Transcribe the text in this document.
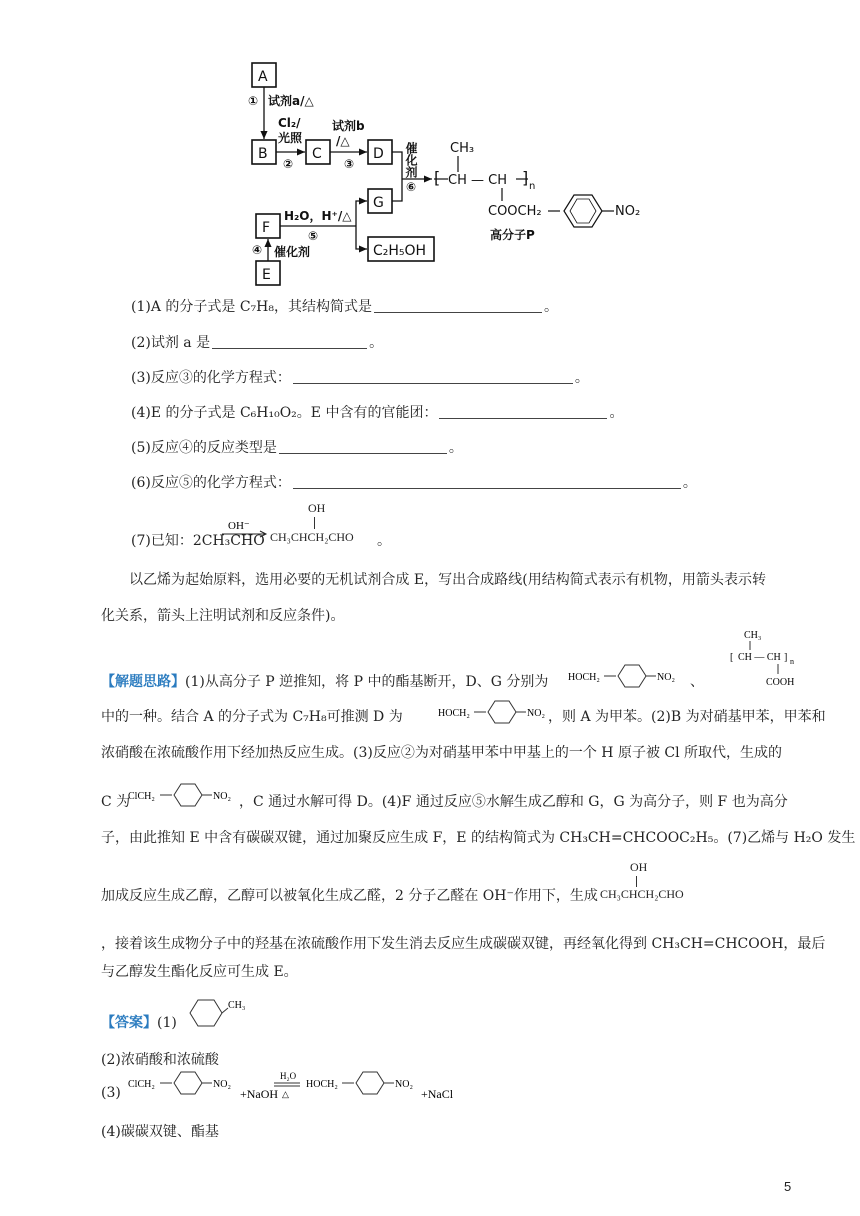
A
B	C	D
G
F
E
C₂H₅OH
① 试剂a/△
Cl₂/
光照
②
试剂b
/△
③
④ 催化剂
H₂O，H⁺/△
⑤
⑥
催化剂 CH₃
[ CH — CH ] n
COOCH₂	NO₂
高分子P
(1)A 的分子式是 C₇H₈，其结构简式是	。
(2)试剂 a 是	。
(3)反应③的化学方程式：	。
(4)E 的分子式是 C₆H₁₀O₂。E 中含有的官能团：	。
(5)反应④的反应类型是	。
(6)反应⑤的化学方程式：	。
(7)已知：2CH₃CHO
OH⁻
OH
CH₃CHCH₂CHO 。
以乙烯为起始原料，选用必要的无机试剂合成 E，写出合成路线(用结构简式表示有机物，用箭头表示转化关系，箭头上注明试剂和反应条件)。
【解题思路】(1)从高分子 P 逆推知，将 P 中的酯基断开，D、G 分别为 HOCH₂	NO₂ 、
CH₃
[ CH — CH ] n
COOH
中的一种。结合 A 的分子式为 C₇H₈可推测 D 为	HOCH₂	NO₂ ，则 A 为甲苯。(2)B 为对硝基甲苯，甲苯和
浓硝酸在浓硫酸作用下经加热反应生成。(3)反应②为对硝基甲苯中甲基上的一个 H 原子被 Cl 所取代，生成的
C 为
ClCH₂	NO₂ ，C 通过水解可得 D。(4)F 通过反应⑤水解生成乙醇和 G，G 为高分子，则 F 也为高分
子，由此推知 E 中含有碳碳双键，通过加聚反应生成 F，E 的结构简式为 CH₃CH=CHCOOC₂H₅。(7)乙烯与 H₂O 发生
加成反应生成乙醇，乙醇可以被氧化生成乙醛，2 分子乙醛在 OH⁻作用下，生成
OH
CH₃CHCH₂CHO
，接着该生成物分子中的羟基在浓硫酸作用下发生消去反应生成碳碳双键，再经氧化得到 CH₃CH=CHCOOH，最后
与乙醇发生酯化反应可生成 E。
【答案】(1)
CH₃
(2)浓硝酸和浓硫酸
(3)
ClCH₂	NO₂
+NaOH
H₂O
△
HOCH₂	NO₂
+NaCl
(4)碳碳双键、酯基
5
